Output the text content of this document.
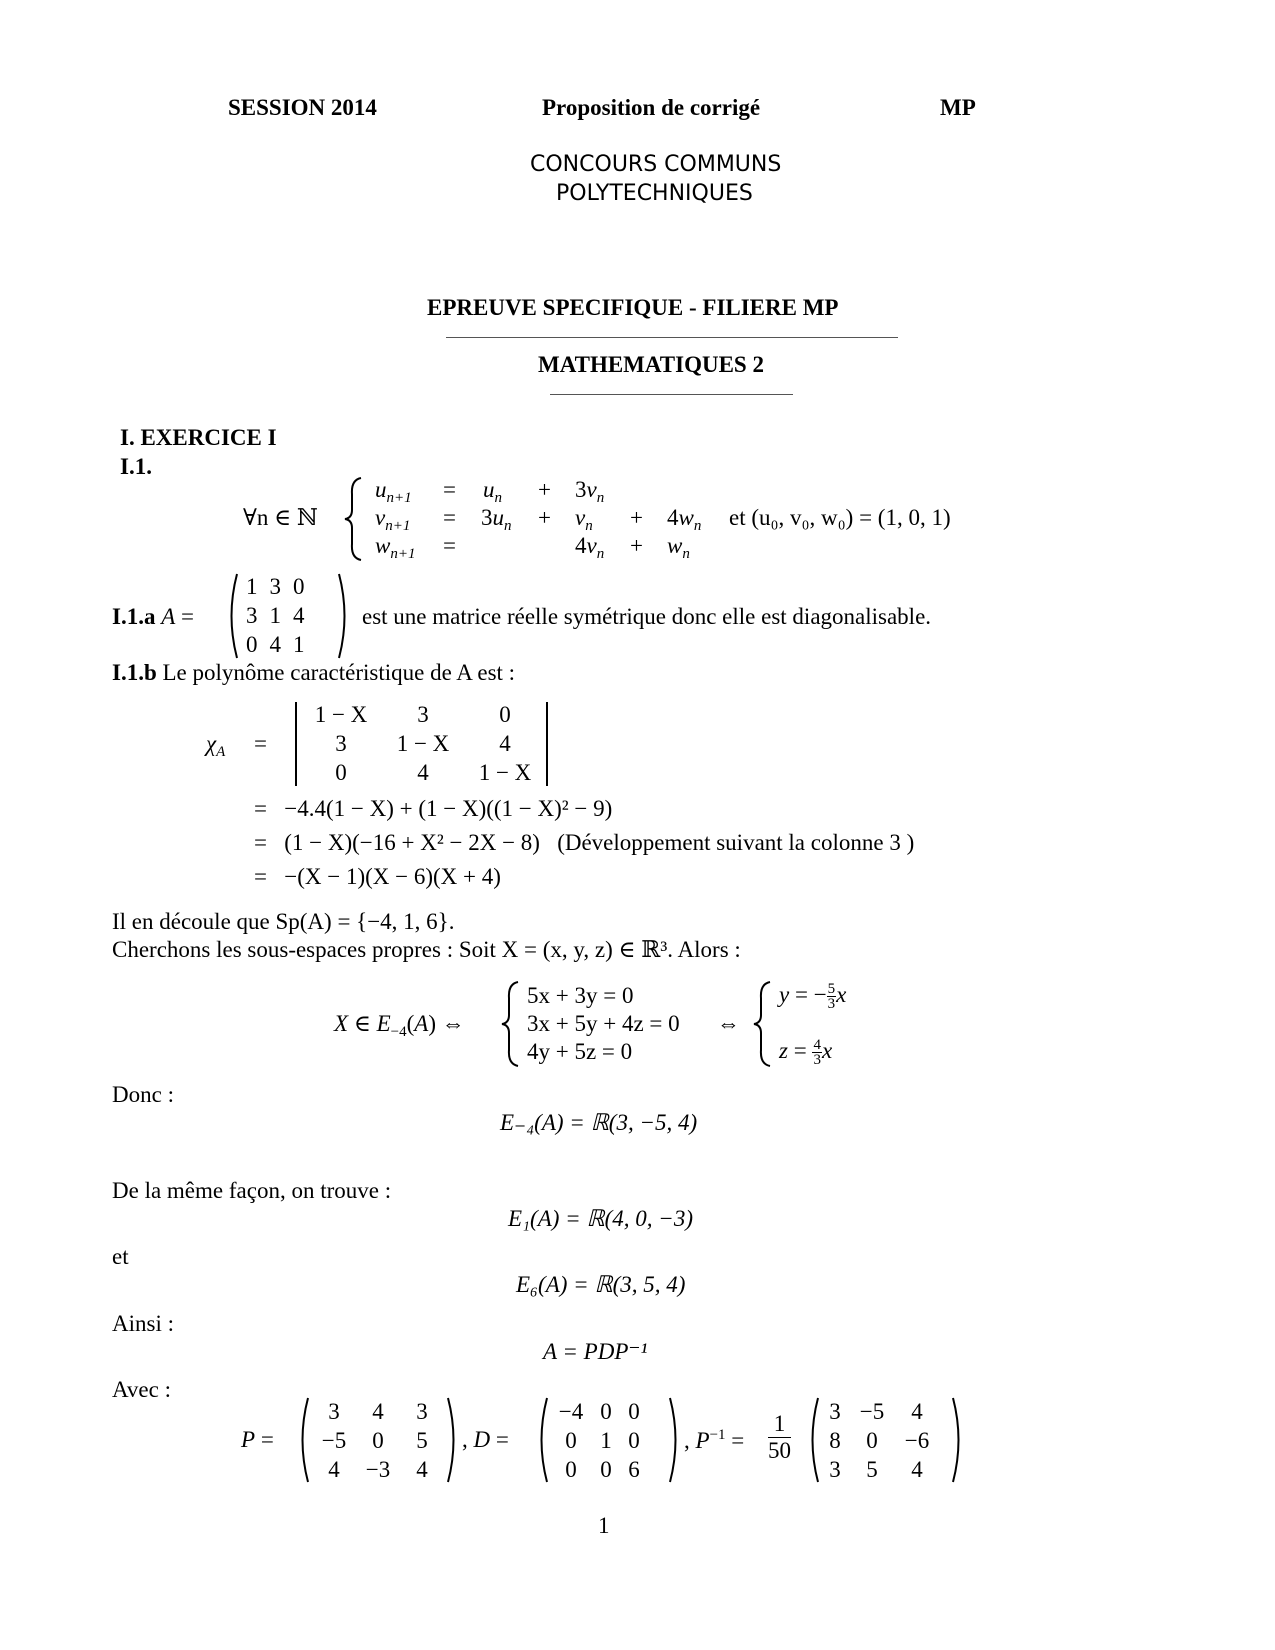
SESSION 2014	Proposition de corrigé	MP
CONCOURS COMMUNS
POLYTECHNIQUES
EPREUVE SPECIFIQUE - FILIERE MP
MATHEMATIQUES 2
I. EXERCICE I
I.1.
∀n ∈ ℕ
$u_{n+1} = u_n + 3v_n$
$v_{n+1} = 3u_n + v_n + 4w_n$
$w_{n+1}$ =	$4v_n + w_n$
et (u₀, v₀, w₀) = (1, 0, 1)
I.1.a A =
1	3	0
3	1	4
0	4	1
est une matrice réelle symétrique donc elle est diagonalisable.
I.1.b Le polynôme caractéristique de A est :
$\chi_A$ =
1 − X	3	0
3	1 − X	4
0	4	1 − X
=   −4.4(1 − X) + (1 − X)((1 − X)² − 9)
=   (1 − X)(−16 + X² − 2X − 8) (Développement suivant la colonne 3 )
=   −(X − 1)(X − 6)(X + 4)
Il en découle que Sp(A) = {−4, 1, 6}.
Cherchons les sous-espaces propres : Soit X = (x, y, z) ∈ ℝ³. Alors :
X ∈ $E_{-4}(A)$ ⇔
5x + 3y = 0
3x + 5y + 4z = 0
4y + 5z = 0
⇔
y = − $\frac{5}{3}$ x
$z = \frac{4}{3}$ x
Donc :
E₋₄(A) = ℝ(3, −5, 4)
De la même façon, on trouve :
E₁(A) = ℝ(4, 0, −3)
et
E₆(A) = ℝ(3, 5, 4)
Ainsi :
A = PDP⁻¹
Avec :
P =
3	4	3
−5	0	5
4	−3	4
, D =
−4	0	0
0	1	0
0	0	6
, $P^{-1} = \frac{1}{50} 3$	−5	4
8	0	−6
3	5	4
1
